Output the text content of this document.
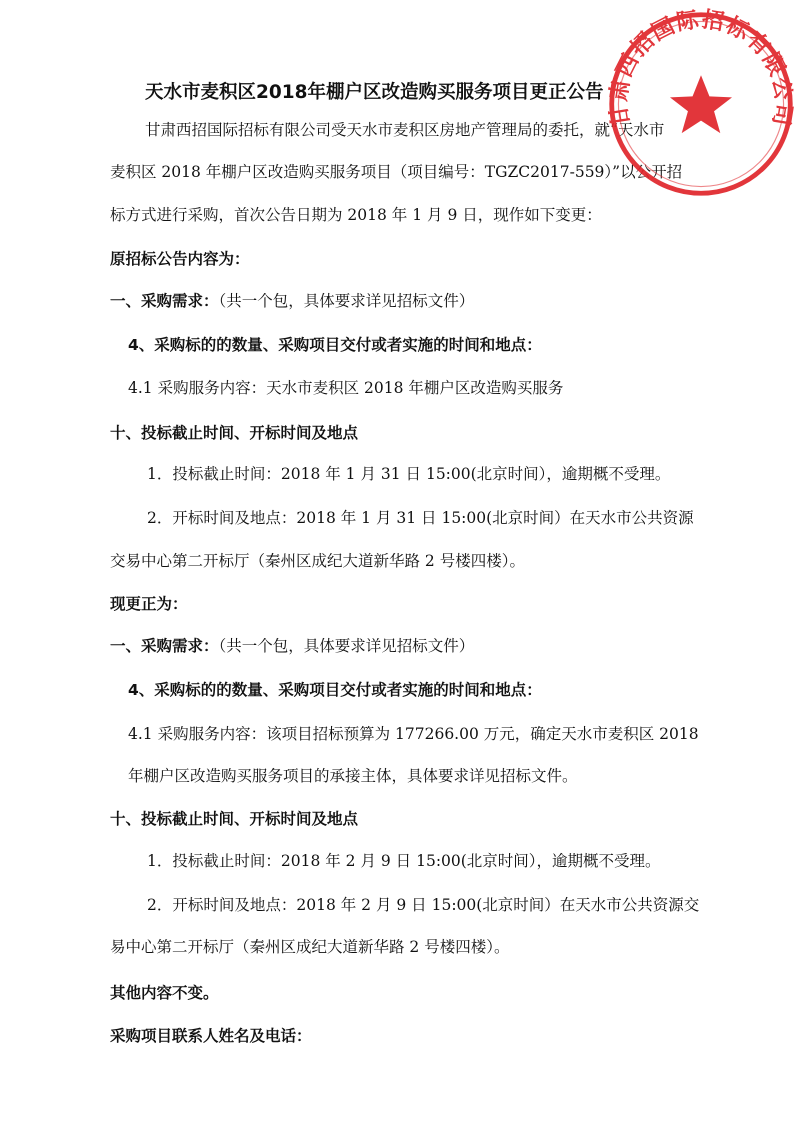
天水市麦积区2018年棚户区改造购买服务项目更正公告
甘肃西招国际招标有限公司受天水市麦积区房地产管理局的委托，就“天水市
麦积区 2018 年棚户区改造购买服务项目（项目编号：TGZC2017-559）”以公开招
标方式进行采购，首次公告日期为 2018 年 1 月 9 日，现作如下变更：
原招标公告内容为：
一、采购需求：（共一个包，具体要求详见招标文件）
4、采购标的的数量、采购项目交付或者实施的时间和地点：
4.1 采购服务内容：天水市麦积区 2018 年棚户区改造购买服务
十、投标截止时间、开标时间及地点
1．投标截止时间：2018 年 1 月 31 日 15:00(北京时间），逾期概不受理。
2．开标时间及地点：2018 年 1 月 31 日 15:00(北京时间）在天水市公共资源
交易中心第二开标厅（秦州区成纪大道新华路 2 号楼四楼）。
现更正为：
一、采购需求：（共一个包，具体要求详见招标文件）
4、采购标的的数量、采购项目交付或者实施的时间和地点：
4.1 采购服务内容：该项目招标预算为 177266.00 万元，确定天水市麦积区 2018
年棚户区改造购买服务项目的承接主体，具体要求详见招标文件。
十、投标截止时间、开标时间及地点
1．投标截止时间：2018 年 2 月 9 日 15:00(北京时间），逾期概不受理。
2．开标时间及地点：2018 年 2 月 9 日 15:00(北京时间）在天水市公共资源交
易中心第二开标厅（秦州区成纪大道新华路 2 号楼四楼）。
其他内容不变。
采购项目联系人姓名及电话：
甘肃西招国际招标有限公司
